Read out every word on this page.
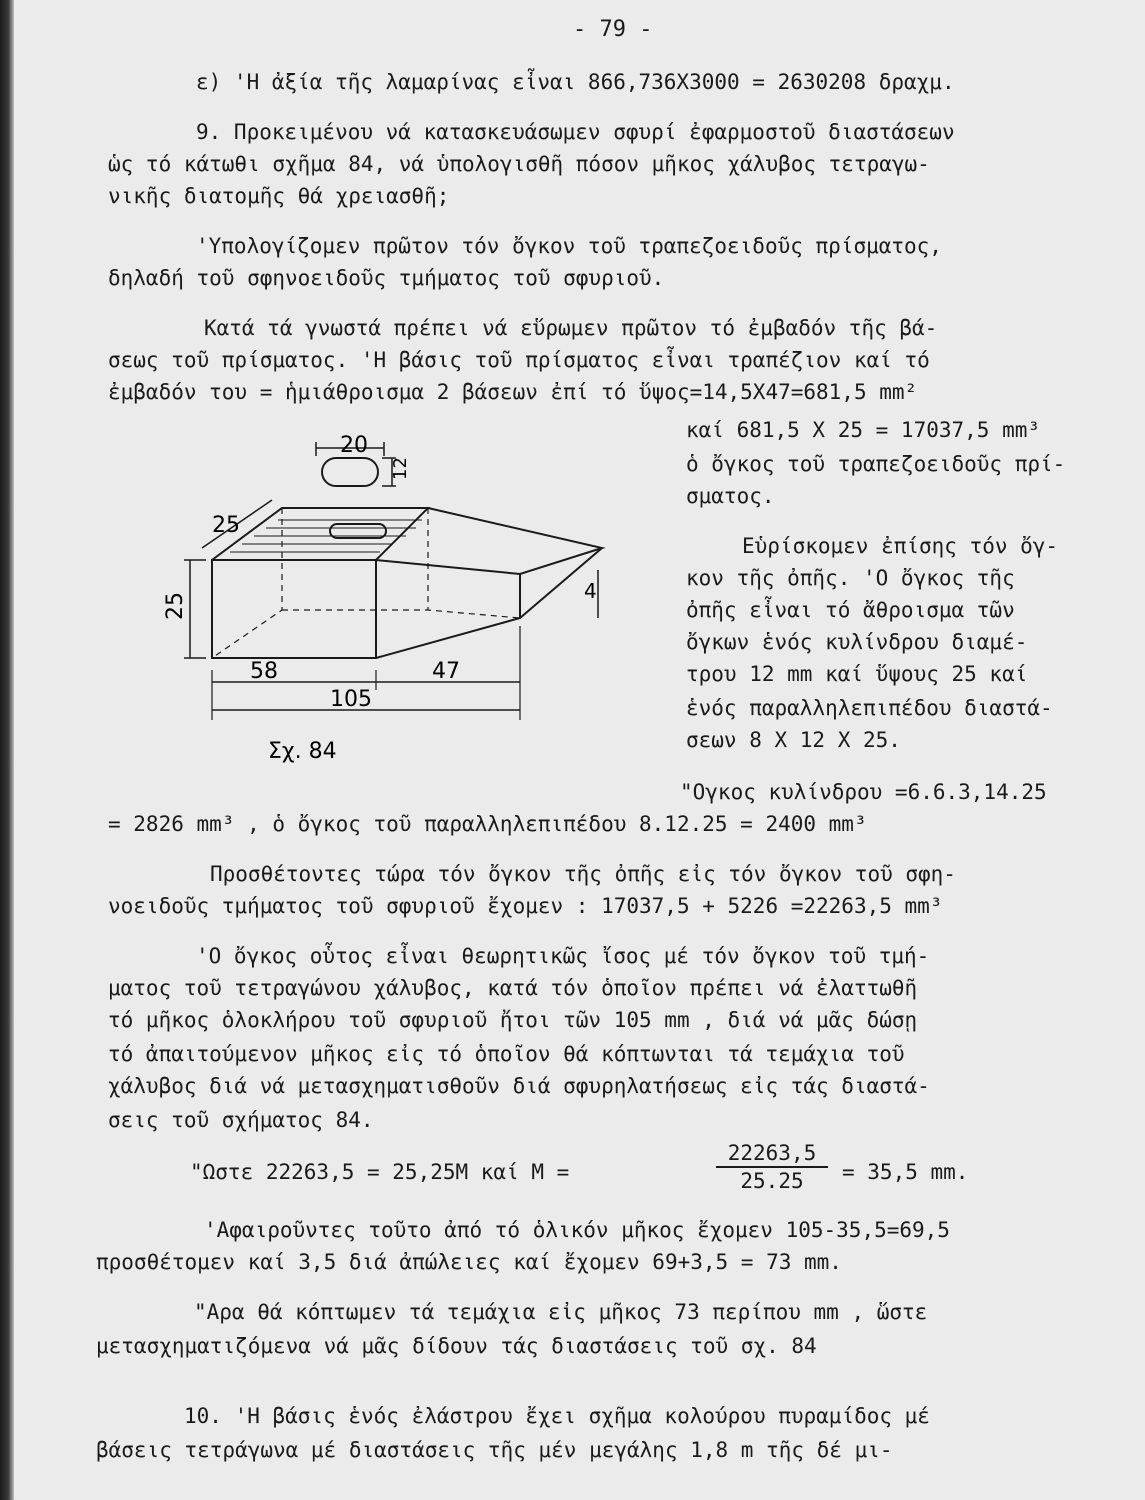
- 79 -
ε) 'Η ἀξία τῆς λαμαρίνας εἶναι 866,736Χ3000 = 2630208 δραχμ.
9. Προκειμένου νά κατασκευάσωμεν σφυρί ἐφαρμοστοῦ διαστάσεων
ὡς τό κάτωθι σχῆμα 84, νά ὑπολογισθῆ πόσον μῆκος χάλυβος τετραγω-
νικῆς διατομῆς θά χρειασθῆ;
'Υπολογίζομεν πρῶτον τόν ὄγκον τοῦ τραπεζοειδοῦς πρίσματος,
δηλαδή τοῦ σφηνοειδοῦς τμήματος τοῦ σφυριοῦ.
Κατά τά γνωστά πρέπει νά εὕρωμεν πρῶτον τό ἐμβαδόν τῆς βά-
σεως τοῦ πρίσματος. 'Η βάσις τοῦ πρίσματος εἶναι τραπέζιον καί τό
ἐμβαδόν του = ἡμιάθροισμα 2 βάσεων ἐπί τό ὕψος=14,5Χ47=681,5 mm²
καί 681,5 Χ 25 = 17037,5 mm³
ὁ ὄγκος τοῦ τραπεζοειδοῦς πρί-
σματος.
Εὑρίσκομεν ἐπίσης τόν ὄγ-
κον τῆς ὀπῆς. 'Ο ὄγκος τῆς
ὀπῆς εἶναι τό ἄθροισμα τῶν
ὄγκων ἑνός κυλίνδρου διαμέ-
τρου 12 mm καί ὕψους 25 καί
ἑνός παραλληλεπιπέδου διαστά-
σεων 8 Χ 12 Χ 25.
"Ογκος κυλίνδρου =6.6.3,14.25
= 2826 mm³ , ὁ ὄγκος τοῦ παραλληλεπιπέδου 8.12.25 = 2400 mm³
Προσθέτοντες τώρα τόν ὄγκον τῆς ὀπῆς εἰς τόν ὄγκον τοῦ σφη-
νοειδοῦς τμήματος τοῦ σφυριοῦ ἔχομεν : 17037,5 + 5226 =22263,5 mm³
'Ο ὄγκος οὗτος εἶναι θεωρητικῶς ἴσος μέ τόν ὄγκον τοῦ τμή-
ματος τοῦ τετραγώνου χάλυβος, κατά τόν ὁποῖον πρέπει νά ἐλαττωθῆ
τό μῆκος ὁλοκλήρου τοῦ σφυριοῦ ἤτοι τῶν 105 mm , διά νά μᾶς δώσῃ
τό ἀπαιτούμενον μῆκος εἰς τό ὁποῖον θά κόπτωνται τά τεμάχια τοῦ
χάλυβος διά νά μετασχηματισθοῦν διά σφυρηλατήσεως εἰς τάς διαστά-
σεις τοῦ σχήματος 84.
"Ωστε 22263,5 = 25,25Μ καί Μ =
22263,5
25.25	= 35,5 mm.
'Αφαιροῦντες τοῦτο ἀπό τό ὁλικόν μῆκος ἔχομεν 105-35,5=69,5
προσθέτομεν καί 3,5 διά ἀπώλειες καί ἔχομεν 69+3,5 = 73 mm.
"Αρα θά κόπτωμεν τά τεμάχια εἰς μῆκος 73 περίπου mm , ὥστε
μετασχηματιζόμενα νά μᾶς δίδουν τάς διαστάσεις τοῦ σχ. 84
10. 'Η βάσις ἑνός ἐλάστρου ἔχει σχῆμα κολούρου πυραμίδος μέ
βάσεις τετράγωνα μέ διαστάσεις τῆς μέν μεγάλης 1,8 m τῆς δέ μι-
20
12
25
25
4
58	47
105
Σχ. 84
